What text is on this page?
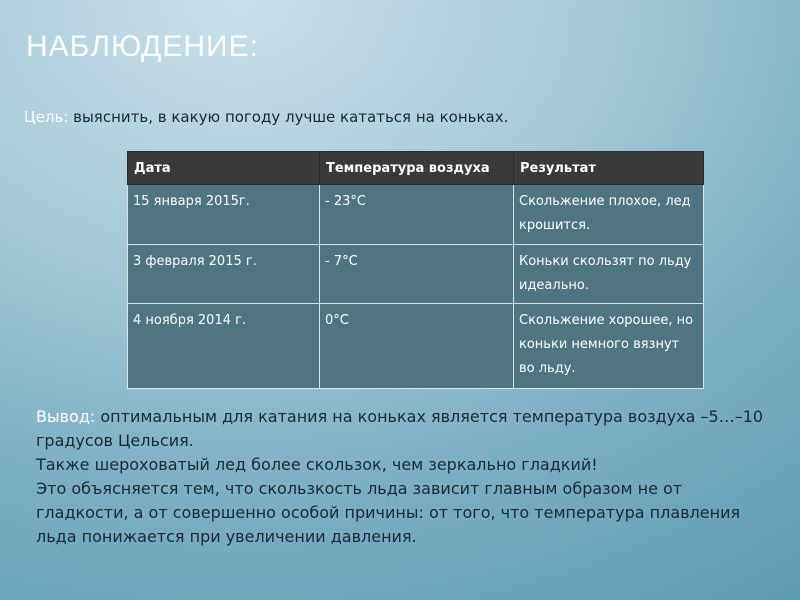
НАБЛЮДЕНИЕ:
Цель: выяснить, в какую погоду лучше кататься на коньках.
Дата	Температура воздуха	Результат
15 января 2015г.	- 23°C	Скольжение плохое, лед крошится.
3 февраля 2015 г.	- 7°C	Коньки скользят по льду идеально.
4 ноября 2014 г.	0°C	Скольжение хорошее, но коньки немного вязнут во льду.

Вывод: оптимальным для катания на коньках является температура воздуха –5…–10 градусов Цельсия.

Также шероховатый лед более скользок, чем зеркально гладкий!

Это объясняется тем, что скользкость льда зависит главным образом не от гладкости, а от совершенно особой причины: от того, что температура плавления льда понижается при увеличении давления.
